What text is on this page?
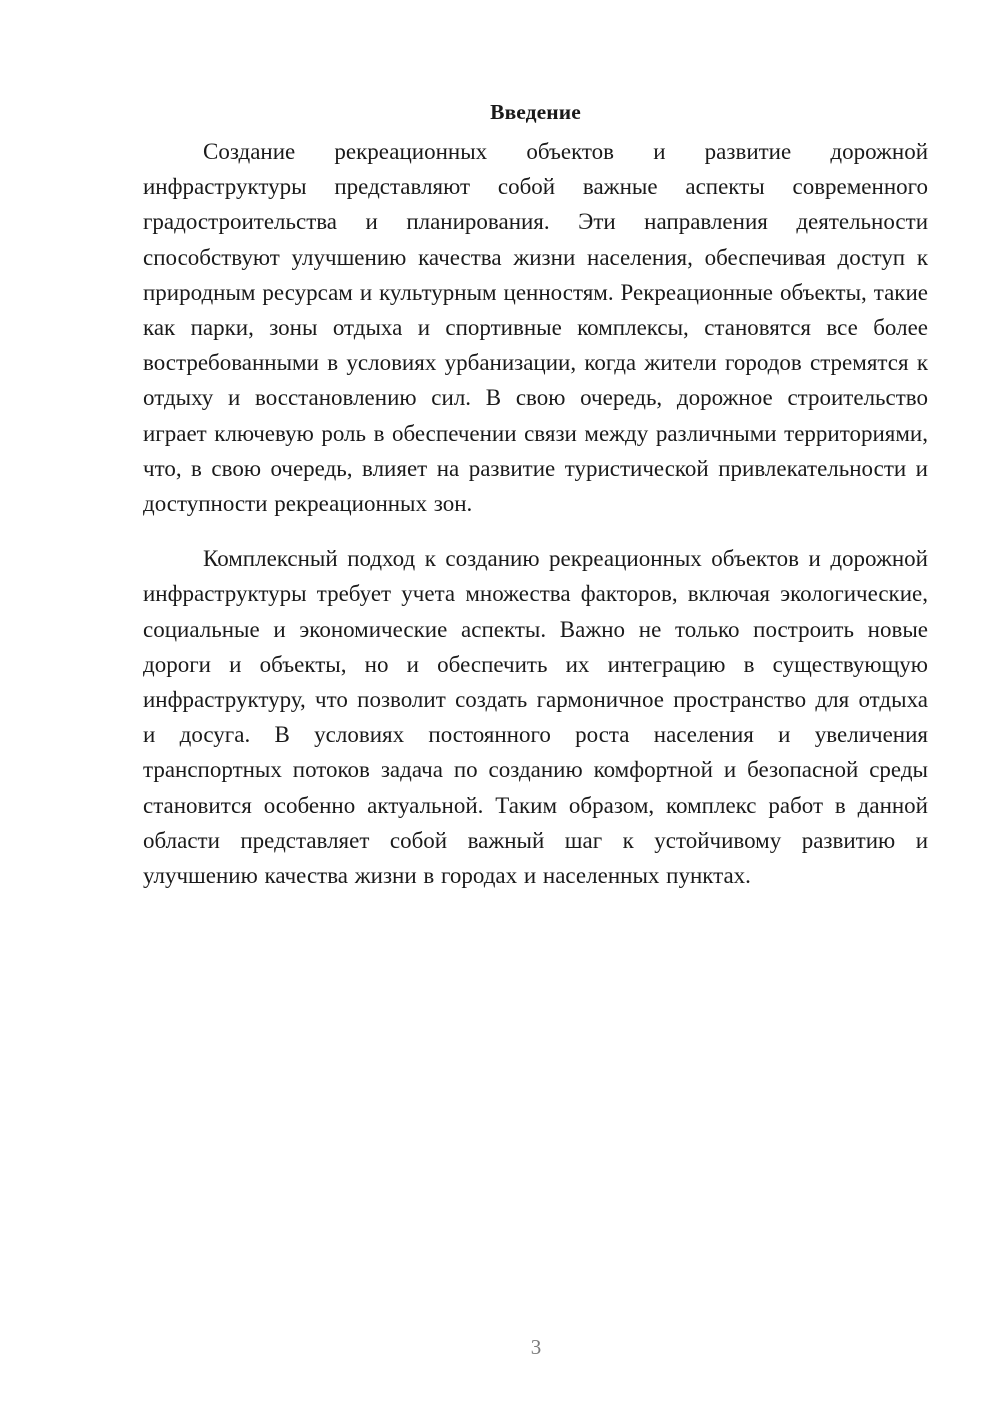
Введение

Создание рекреационных объектов и развитие дорожной инфраструктуры представляют собой важные аспекты современного градостроительства и планирования. Эти направления деятельности способствуют улучшению качества жизни населения, обеспечивая доступ к природным ресурсам и культурным ценностям. Рекреационные объекты, такие как парки, зоны отдыха и спортивные комплексы, становятся все более востребованными в условиях урбанизации, когда жители городов стремятся к отдыху и восстановлению сил. В свою очередь, дорожное строительство играет ключевую роль в обеспечении связи между различными территориями, что, в свою очередь, влияет на развитие туристической привлекательности и доступности рекреационных зон.

Комплексный подход к созданию рекреационных объектов и дорожной инфраструктуры требует учета множества факторов, включая экологические, социальные и экономические аспекты. Важно не только построить новые дороги и объекты, но и обеспечить их интеграцию в существующую инфраструктуру, что позволит создать гармоничное пространство для отдыха и досуга. В условиях постоянного роста населения и увеличения транспортных потоков задача по созданию комфортной и безопасной среды становится особенно актуальной. Таким образом, комплекс работ в данной области представляет собой важный шаг к устойчивому развитию и улучшению качества жизни в городах и населенных пунктах.

3
